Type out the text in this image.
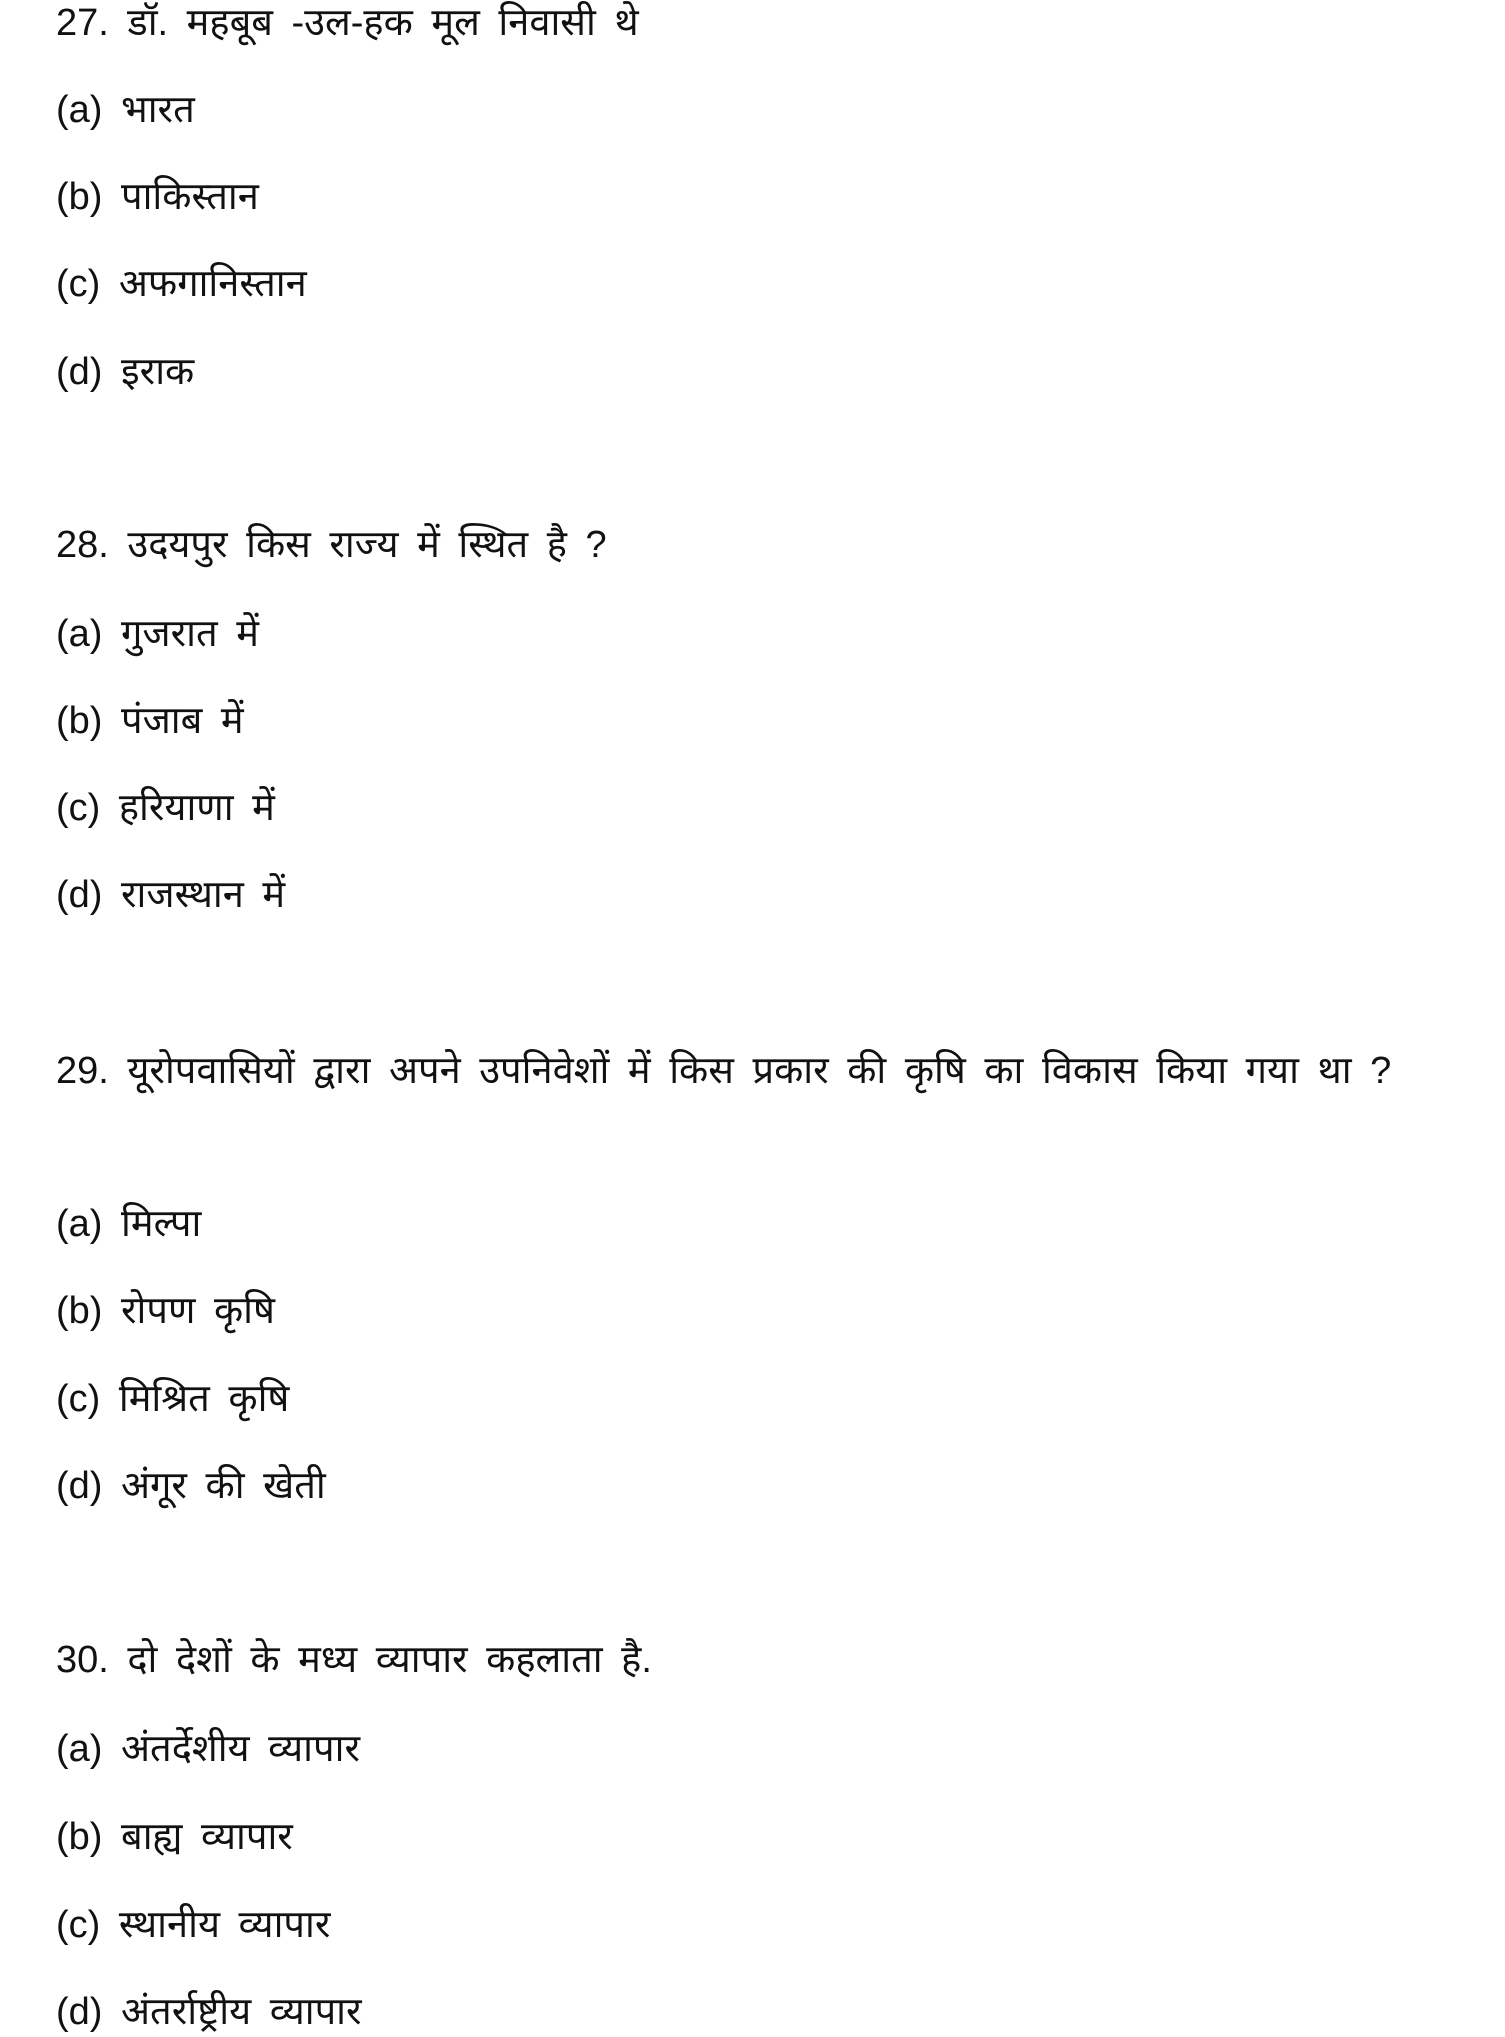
27. डॉ. महबूब -उल-हक मूल निवासी थे
(a) भारत
(b) पाकिस्तान
(c) अफगानिस्तान
(d) इराक
28. उदयपुर किस राज्य में स्थित है ?
(a) गुजरात में
(b) पंजाब में
(c) हरियाणा में
(d) राजस्थान में
29. यूरोपवासियों द्वारा अपने उपनिवेशों में किस प्रकार की कृषि का विकास किया गया था ?
(a) मिल्पा
(b) रोपण कृषि
(c) मिश्रित कृषि
(d) अंगूर की खेती
30. दो देशों के मध्य व्यापार कहलाता है.
(a) अंतर्देशीय व्यापार
(b) बाह्य व्यापार
(c) स्थानीय व्यापार
(d) अंतर्राष्ट्रीय व्यापार
